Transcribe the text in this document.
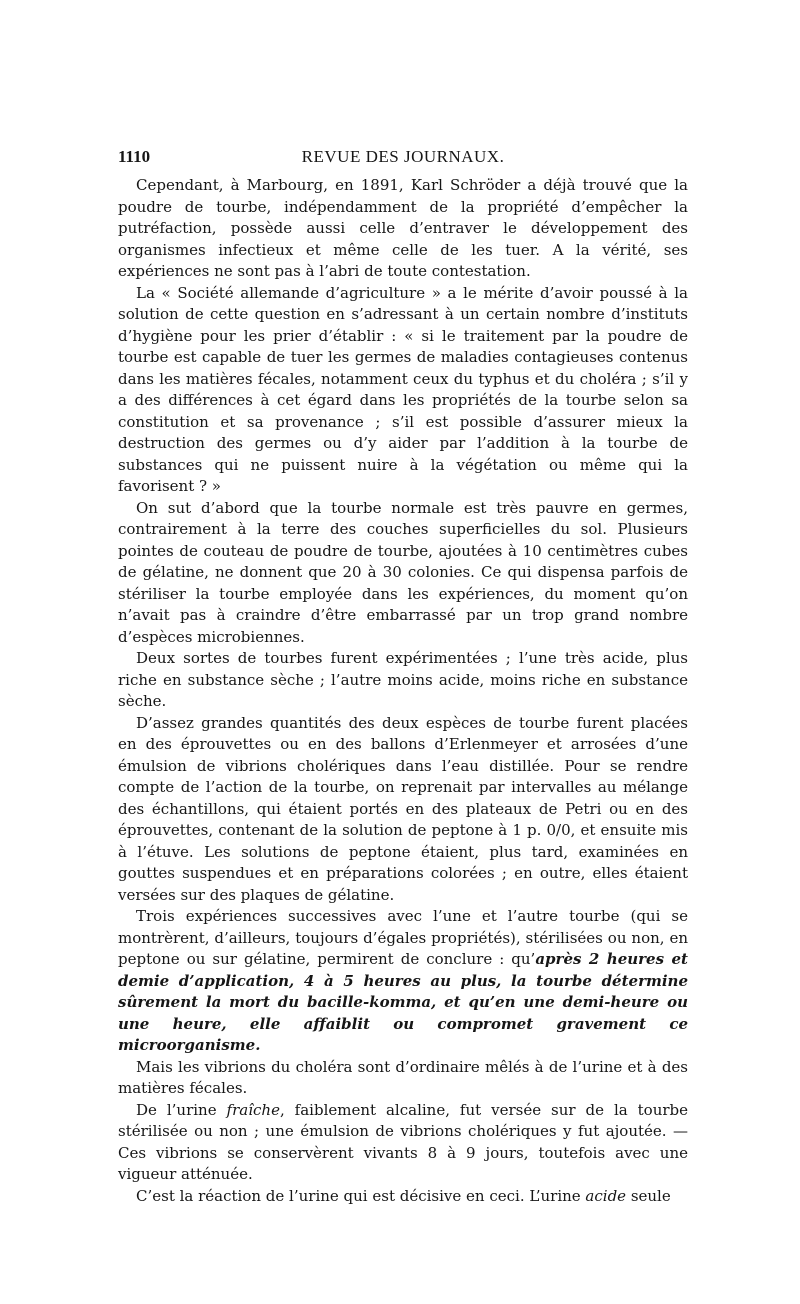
1110	REVUE DES JOURNAUX.

Cependant, à Marbourg, en 1891, Karl Schröder a déjà trouvé que la poudre de tourbe, indépendamment de la propriété d’empêcher la putréfaction, possède aussi celle d’entraver le développement des organismes infectieux et même celle de les tuer. A la vérité, ses expériences ne sont pas à l’abri de toute contestation.

La « Société allemande d’agriculture » a le mérite d’avoir poussé à la solution de cette question en s’adressant à un certain nombre d’instituts d’hygiène pour les prier d’établir : « si le traitement par la poudre de tourbe est capable de tuer les germes de maladies contagieuses contenus dans les matières fécales, notamment ceux du typhus et du choléra ; s’il y a des différences à cet égard dans les propriétés de la tourbe selon sa constitution et sa provenance ; s’il est possible d’assurer mieux la destruction des germes ou d’y aider par l’addition à la tourbe de substances qui ne puissent nuire à la végétation ou même qui la favorisent ? »

On sut d’abord que la tourbe normale est très pauvre en germes, contrairement à la terre des couches superficielles du sol. Plusieurs pointes de couteau de poudre de tourbe, ajoutées à 10 centimètres cubes de gélatine, ne donnent que 20 à 30 colonies. Ce qui dispensa parfois de stériliser la tourbe employée dans les expériences, du moment qu’on n’avait pas à craindre d’être embarrassé par un trop grand nombre d’espèces microbiennes.

Deux sortes de tourbes furent expérimentées ; l’une très acide, plus riche en substance sèche ; l’autre moins acide, moins riche en substance sèche.

D’assez grandes quantités des deux espèces de tourbe furent placées en des éprouvettes ou en des ballons d’Erlenmeyer et arrosées d’une émulsion de vibrions cholériques dans l’eau distillée. Pour se rendre compte de l’action de la tourbe, on reprenait par intervalles au mélange des échantillons, qui étaient portés en des plateaux de Petri ou en des éprouvettes, contenant de la solution de peptone à 1 p. 0/0, et ensuite mis à l’étuve. Les solutions de peptone étaient, plus tard, examinées en gouttes suspendues et en préparations colorées ; en outre, elles étaient versées sur des plaques de gélatine.

Trois expériences successives avec l’une et l’autre tourbe (qui se montrèrent, d’ailleurs, toujours d’égales propriétés), stérilisées ou non, en peptone ou sur gélatine, permirent de conclure : qu’après 2 heures et demie d’application, 4 à 5 heures au plus, la tourbe détermine sûrement la mort du bacille-komma, et qu’en une demi-heure ou une heure, elle affaiblit ou compromet gravement ce microorganisme.

Mais les vibrions du choléra sont d’ordinaire mêlés à de l’urine et à des matières fécales.

De l’urine fraîche, faiblement alcaline, fut versée sur de la tourbe stérilisée ou non ; une émulsion de vibrions cholériques y fut ajoutée. — Ces vibrions se conservèrent vivants 8 à 9 jours, toutefois avec une vigueur atténuée.

C’est la réaction de l’urine qui est décisive en ceci. L’urine acide seule
